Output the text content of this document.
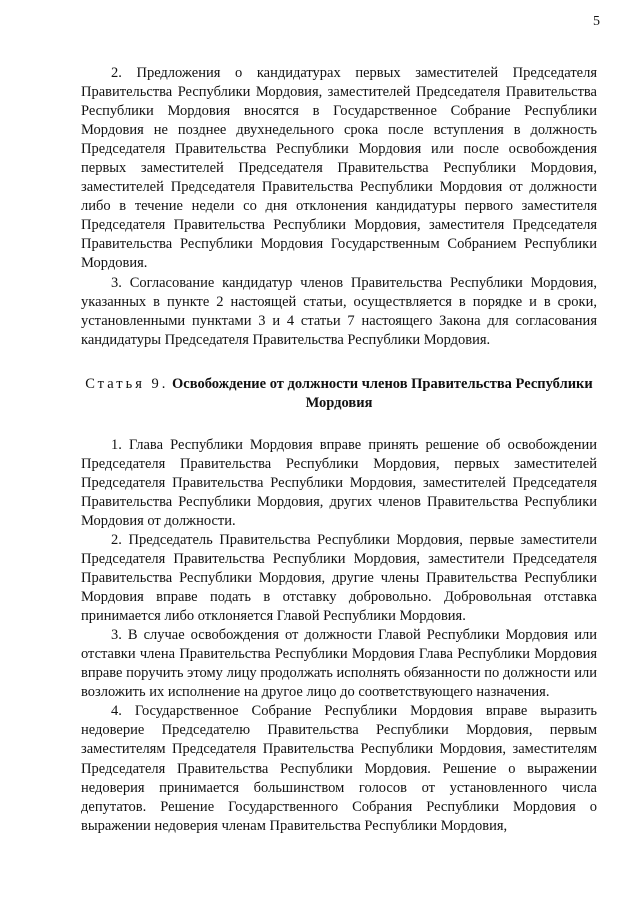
5

2. Предложения о кандидатурах первых заместителей Председателя Правительства Республики Мордовия, заместителей Председателя Правительства Республики Мордовия вносятся в Государственное Собрание Республики Мордовия не позднее двухнедельного срока после вступления в должность Председателя Правительства Республики Мордовия или после освобождения первых заместителей Председателя Правительства Республики Мордовия, заместителей Председателя Правительства Республики Мордовия от должности либо в течение недели со дня отклонения кандидатуры первого заместителя Председателя Правительства Республики Мордовия, заместителя Председателя Правительства Республики Мордовия Государственным Собранием Республики Мордовия.

3. Согласование кандидатур членов Правительства Республики Мордовия, указанных в пункте 2 настоящей статьи, осуществляется в порядке и в сроки, установленными пунктами 3 и 4 статьи 7 настоящего Закона для согласования кандидатуры Председателя Правительства Республики Мордовия.

Статья 9. Освобождение от должности членов Правительства Республики Мордовия

1. Глава Республики Мордовия вправе принять решение об освобождении Председателя Правительства Республики Мордовия, первых заместителей Председателя Правительства Республики Мордовия, заместителей Председателя Правительства Республики Мордовия, других членов Правительства Республики Мордовия от должности.

2. Председатель Правительства Республики Мордовия, первые заместители Председателя Правительства Республики Мордовия, заместители Председателя Правительства Республики Мордовия, другие члены Правительства Республики Мордовия вправе подать в отставку добровольно. Добровольная отставка принимается либо отклоняется Главой Республики Мордовия.

3. В случае освобождения от должности Главой Республики Мордовия или отставки члена Правительства Республики Мордовия Глава Республики Мордовия вправе поручить этому лицу продолжать исполнять обязанности по должности или возложить их исполнение на другое лицо до соответствующего назначения.

4. Государственное Собрание Республики Мордовия вправе выразить недоверие Председателю Правительства Республики Мордовия, первым заместителям Председателя Правительства Республики Мордовия, заместителям Председателя Правительства Республики Мордовия. Решение о выражении недоверия принимается большинством голосов от установленного числа депутатов. Решение Государственного Собрания Республики Мордовия о выражении недоверия членам Правительства Республики Мордовия,
